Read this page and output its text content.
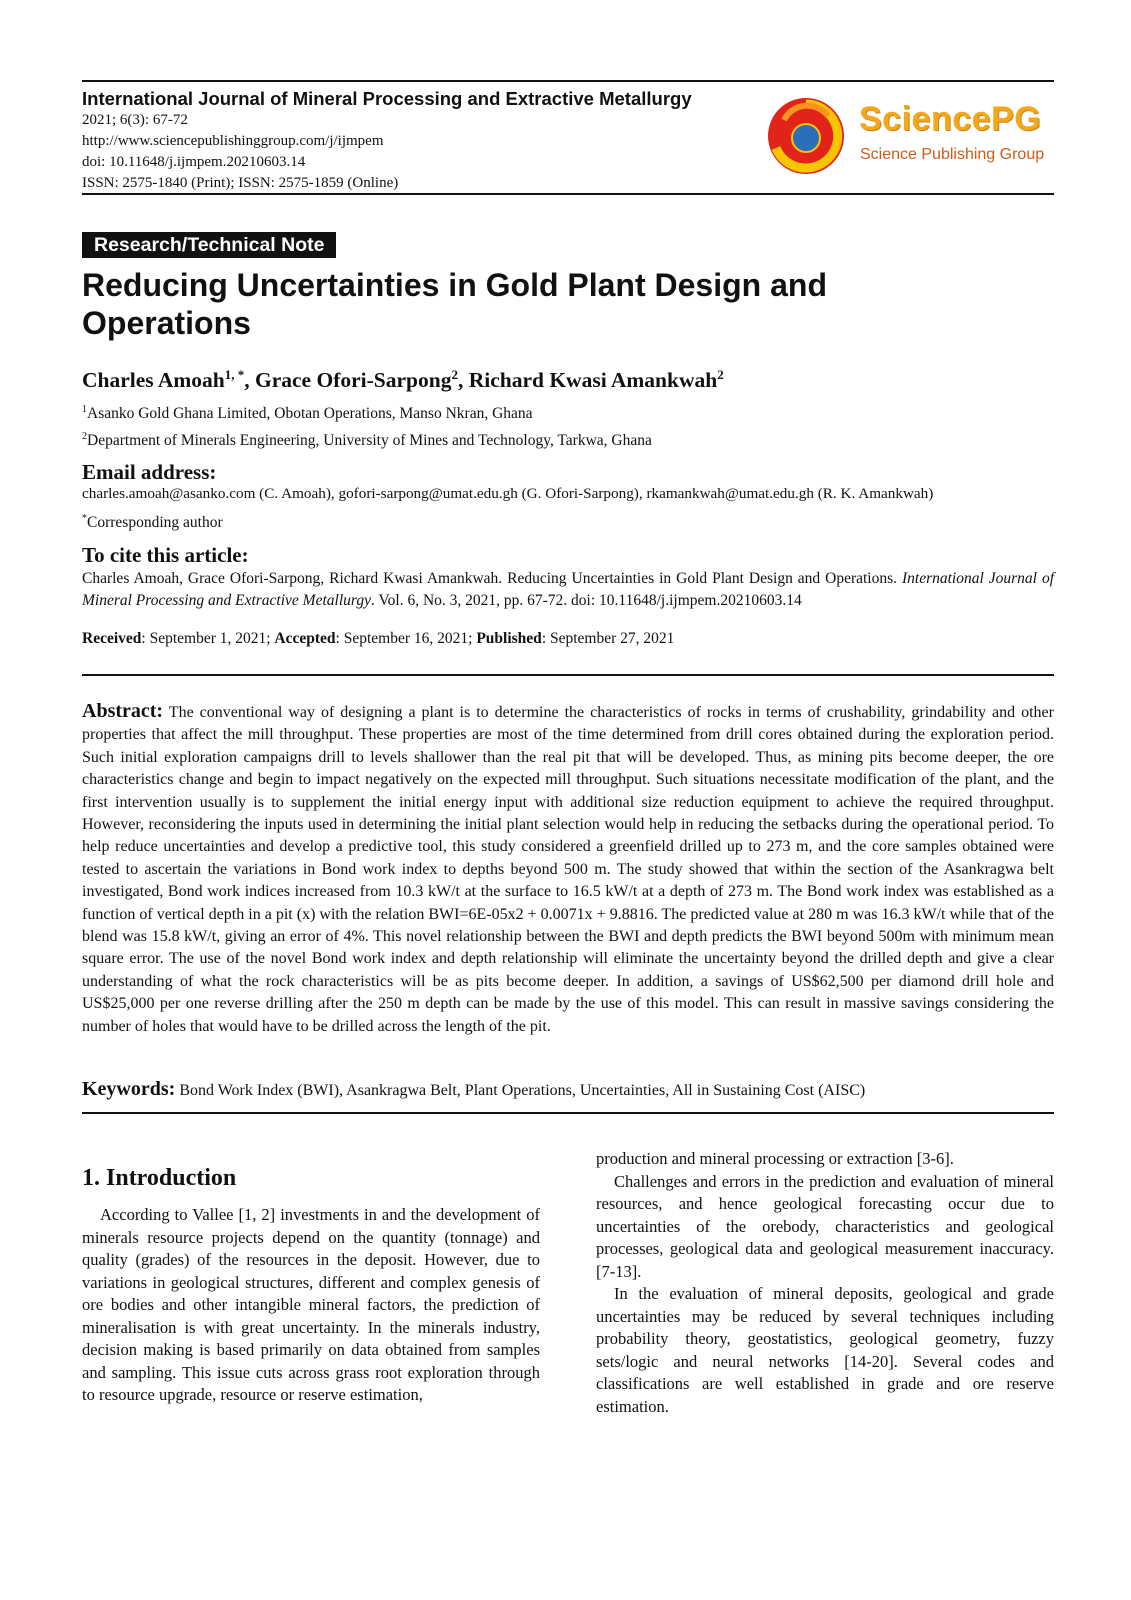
International Journal of Mineral Processing and Extractive Metallurgy

2021; 6(3): 67-72

http://www.sciencepublishinggroup.com/j/ijmpem

doi: 10.11648/j.ijmpem.20210603.14

ISSN: 2575-1840 (Print); ISSN: 2575-1859 (Online)

SciencePG
Science Publishing Group
Research/Technical Note
Reducing Uncertainties in Gold Plant Design and Operations
Charles Amoah$^{1, *}$, Grace Ofori-Sarpong$^2$, Richard Kwasi Amankwah$^2$
$^1$Asanko Gold Ghana Limited, Obotan Operations, Manso Nkran, Ghana
$^2$Department of Minerals Engineering, University of Mines and Technology, Tarkwa, Ghana
Email address:
charles.amoah@asanko.com (C. Amoah), gofori-sarpong@umat.edu.gh (G. Ofori-Sarpong), rkamankwah@umat.edu.gh (R. K. Amankwah)
*Corresponding author
To cite this article:
Charles Amoah, Grace Ofori-Sarpong, Richard Kwasi Amankwah. Reducing Uncertainties in Gold Plant Design and Operations. International Journal of Mineral Processing and Extractive Metallurgy. Vol. 6, No. 3, 2021, pp. 67-72. doi: 10.11648/j.ijmpem.20210603.14
Received: September 1, 2021; Accepted: September 16, 2021; Published: September 27, 2021

Abstract: The conventional way of designing a plant is to determine the characteristics of rocks in terms of crushability, grindability and other properties that affect the mill throughput. These properties are most of the time determined from drill cores obtained during the exploration period. Such initial exploration campaigns drill to levels shallower than the real pit that will be developed. Thus, as mining pits become deeper, the ore characteristics change and begin to impact negatively on the expected mill throughput. Such situations necessitate modification of the plant, and the first intervention usually is to supplement the initial energy input with additional size reduction equipment to achieve the required throughput. However, reconsidering the inputs used in determining the initial plant selection would help in reducing the setbacks during the operational period. To help reduce uncertainties and develop a predictive tool, this study considered a greenfield drilled up to 273 m, and the core samples obtained were tested to ascertain the variations in Bond work index to depths beyond 500 m. The study showed that within the section of the Asankragwa belt investigated, Bond work indices increased from 10.3 kW/t at the surface to 16.5 kW/t at a depth of 273 m. The Bond work index was established as a function of vertical depth in a pit (x) with the relation BWI=6E-05x2 + 0.0071x + 9.8816. The predicted value at 280 m was 16.3 kW/t while that of the blend was 15.8 kW/t, giving an error of 4%. This novel relationship between the BWI and depth predicts the BWI beyond 500m with minimum mean square error. The use of the novel Bond work index and depth relationship will eliminate the uncertainty beyond the drilled depth and give a clear understanding of what the rock characteristics will be as pits become deeper. In addition, a savings of US$62,500 per diamond drill hole and US$25,000 per one reverse drilling after the 250 m depth can be made by the use of this model. This can result in massive savings considering the number of holes that would have to be drilled across the length of the pit.

Keywords: Bond Work Index (BWI), Asankragwa Belt, Plant Operations, Uncertainties, All in Sustaining Cost (AISC)
1. Introduction

According to Vallee [1, 2] investments in and the development of minerals resource projects depend on the quantity (tonnage) and quality (grades) of the resources in the deposit. However, due to variations in geological structures, different and complex genesis of ore bodies and other intangible mineral factors, the prediction of mineralisation is with great uncertainty. In the minerals industry, decision making is based primarily on data obtained from samples and sampling. This issue cuts across grass root exploration through to resource upgrade, resource or reserve estimation,

production and mineral processing or extraction [3-6].

Challenges and errors in the prediction and evaluation of mineral resources, and hence geological forecasting occur due to uncertainties of the orebody, characteristics and geological processes, geological data and geological measurement inaccuracy. [7-13].

In the evaluation of mineral deposits, geological and grade uncertainties may be reduced by several techniques including probability theory, geostatistics, geological geometry, fuzzy sets/logic and neural networks [14-20]. Several codes and classifications are well established in grade and ore reserve estimation.
